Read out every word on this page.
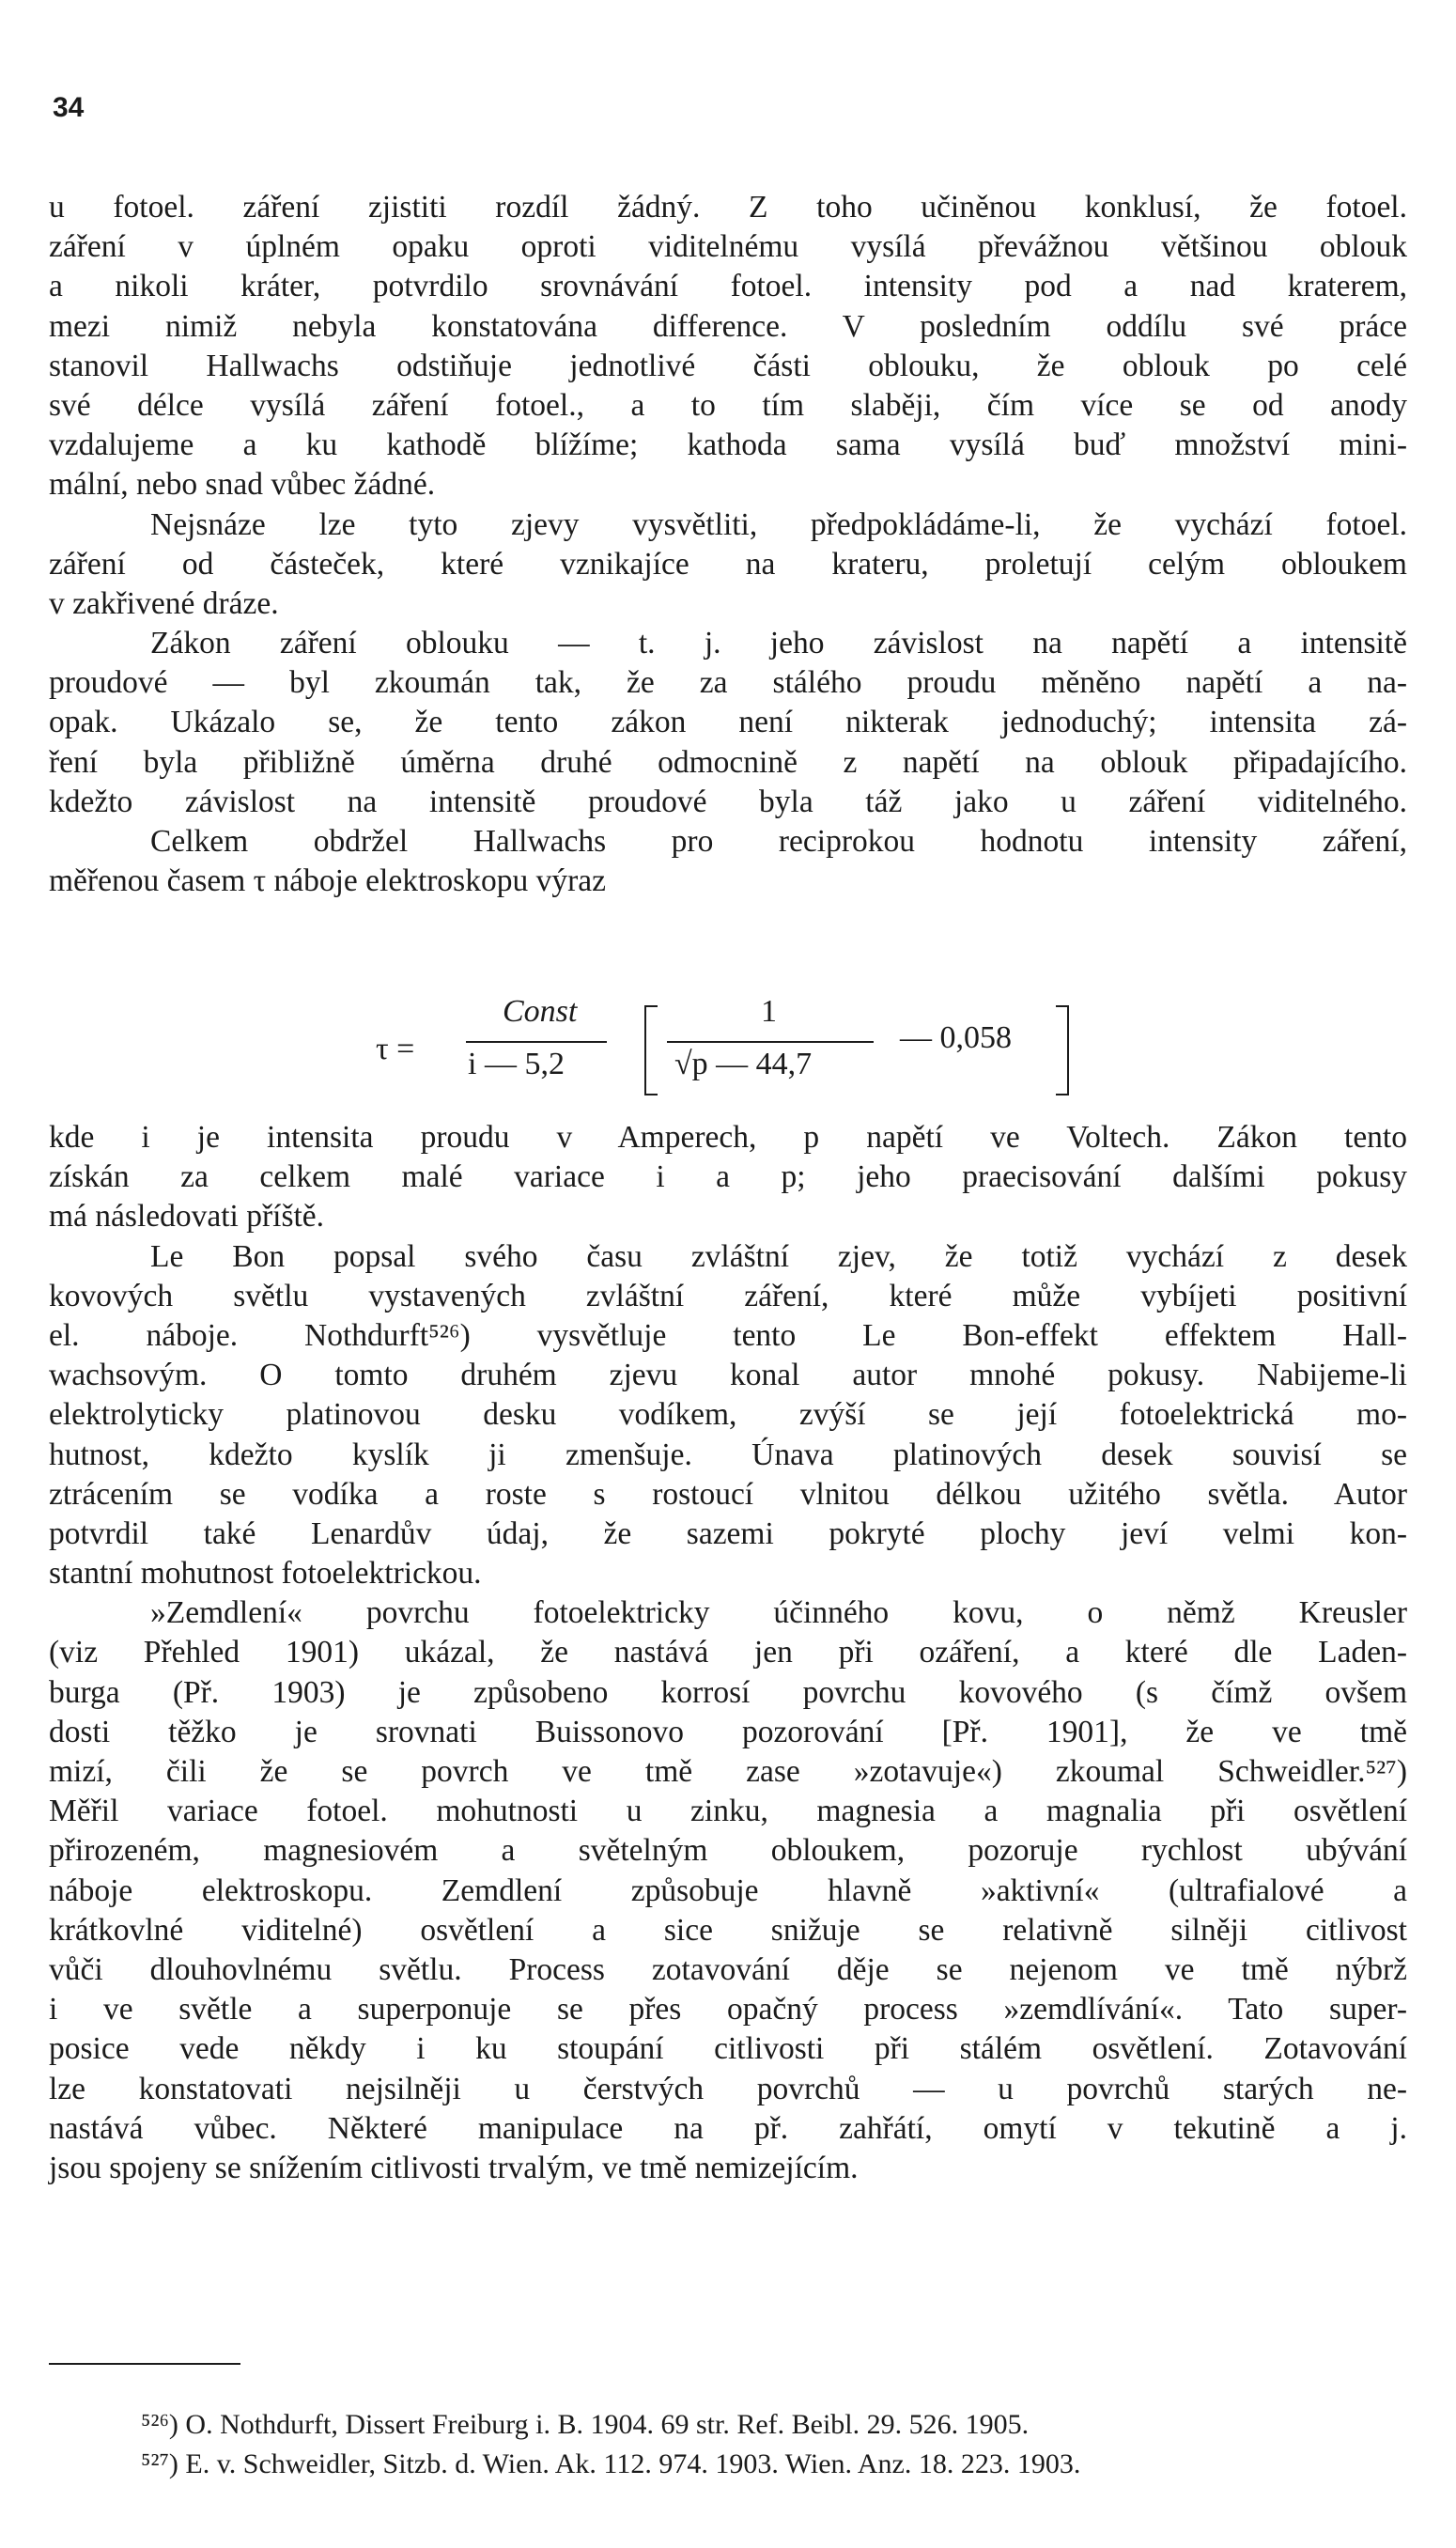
34
u fotoel. záření zjistiti rozdíl žádný. Z toho učiněnou konklusí, že fotoel.
záření v úplném opaku oproti viditelnému vysílá převážnou většinou oblouk
a nikoli kráter, potvrdilo srovnávání fotoel. intensity pod a nad kraterem,
mezi nimiž nebyla konstatována difference. V posledním oddílu své práce
stanovil Hallwachs odstiňuje jednotlivé části oblouku, že oblouk po celé
své délce vysílá záření fotoel., a to tím slaběji, čím více se od anody
vzdalujeme a ku kathodě blížíme; kathoda sama vysílá buď množství mini-
mální, nebo snad vůbec žádné.
Nejsnáze lze tyto zjevy vysvětliti, předpokládáme-li, že vychází fotoel.
záření od částeček, které vznikajíce na krateru, proletují celým obloukem
v zakřivené dráze.
Zákon záření oblouku — t. j. jeho závislost na napětí a intensitě
proudové — byl zkoumán tak, že za stálého proudu měněno napětí a na-
opak. Ukázalo se, že tento zákon není nikterak jednoduchý; intensita zá-
ření byla přibližně úměrna druhé odmocnině z napětí na oblouk připadajícího.
kdežto závislost na intensitě proudové byla táž jako u záření viditelného.
Celkem obdržel Hallwachs pro reciprokou hodnotu intensity záření,
měřenou časem τ náboje elektroskopu výraz
τ =
Const
i — 5,2
1
√p — 44,7
— 0,058
kde i je intensita proudu v Amperech, p napětí ve Voltech. Zákon tento
získán za celkem malé variace i a p; jeho praecisování dalšími pokusy
má následovati příště.
Le Bon popsal svého času zvláštní zjev, že totiž vychází z desek
kovových světlu vystavených zvláštní záření, které může vybíjeti positivní
el. náboje. Nothdurft⁵²⁶) vysvětluje tento Le Bon-effekt effektem Hall-
wachsovým. O tomto druhém zjevu konal autor mnohé pokusy. Nabijeme-li
elektrolyticky platinovou desku vodíkem, zvýší se její fotoelektrická mo-
hutnost, kdežto kyslík ji zmenšuje. Únava platinových desek souvisí se
ztrácením se vodíka a roste s rostoucí vlnitou délkou užitého světla. Autor
potvrdil také Lenardův údaj, že sazemi pokryté plochy jeví velmi kon-
stantní mohutnost fotoelektrickou.
»Zemdlení« povrchu fotoelektricky účinného kovu, o němž Kreusler
(viz Přehled 1901) ukázal, že nastává jen při ozáření, a které dle Laden-
burga (Př. 1903) je způsobeno korrosí povrchu kovového (s čímž ovšem
dosti těžko je srovnati Buissonovo pozorování [Př. 1901], že ve tmě
mizí, čili že se povrch ve tmě zase »zotavuje«) zkoumal Schweidler.⁵²⁷)
Měřil variace fotoel. mohutnosti u zinku, magnesia a magnalia při osvětlení
přirozeném, magnesiovém a světelným obloukem, pozoruje rychlost ubývání
náboje elektroskopu. Zemdlení způsobuje hlavně »aktivní« (ultrafialové a
krátkovlné viditelné) osvětlení a sice snižuje se relativně silněji citlivost
vůči dlouhovlnému světlu. Process zotavování děje se nejenom ve tmě nýbrž
i ve světle a superponuje se přes opačný process »zemdlívání«. Tato super-
posice vede někdy i ku stoupání citlivosti při stálém osvětlení. Zotavování
lze konstatovati nejsilněji u čerstvých povrchů — u povrchů starých ne-
nastává vůbec. Některé manipulace na př. zahřátí, omytí v tekutině a j.
jsou spojeny se snížením citlivosti trvalým, ve tmě nemizejícím.
⁵²⁶) O. Nothdurft, Dissert Freiburg i. B. 1904. 69 str. Ref. Beibl. 29. 526. 1905.
⁵²⁷) E. v. Schweidler, Sitzb. d. Wien. Ak. 112. 974. 1903. Wien. Anz. 18. 223. 1903.
